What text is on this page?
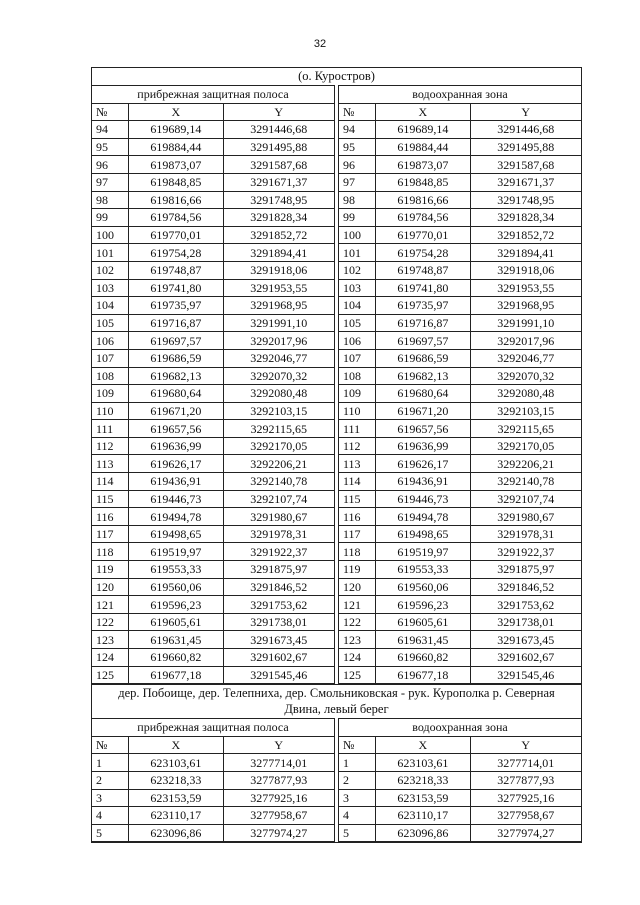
32
(о. Куростров)
прибрежная защитная полоса		
№	X	Y
94	619689,14	3291446,68
95	619884,44	3291495,88
96	619873,07	3291587,68
97	619848,85	3291671,37
98	619816,66	3291748,95
99	619784,56	3291828,34
100	619770,01	3291852,72
101	619754,28	3291894,41
102	619748,87	3291918,06
103	619741,80	3291953,55
104	619735,97	3291968,95
105	619716,87	3291991,10
106	619697,57	3292017,96
107	619686,59	3292046,77
108	619682,13	3292070,32
109	619680,64	3292080,48
110	619671,20	3292103,15
111	619657,56	3292115,65
112	619636,99	3292170,05
113	619626,17	3292206,21
114	619436,91	3292140,78
115	619446,73	3292107,74
116	619494,78	3291980,67
117	619498,65	3291978,31
118	619519,97	3291922,37
119	619553,33	3291875,97
120	619560,06	3291846,52
121	619596,23	3291753,62
122	619605,61	3291738,01
123	619631,45	3291673,45
124	619660,82	3291602,67
125	619677,18	3291545,46
водоохранная зона		
№	X	Y
94	619689,14	3291446,68
95	619884,44	3291495,88
96	619873,07	3291587,68
97	619848,85	3291671,37
98	619816,66	3291748,95
99	619784,56	3291828,34
100	619770,01	3291852,72
101	619754,28	3291894,41
102	619748,87	3291918,06
103	619741,80	3291953,55
104	619735,97	3291968,95
105	619716,87	3291991,10
106	619697,57	3292017,96
107	619686,59	3292046,77
108	619682,13	3292070,32
109	619680,64	3292080,48
110	619671,20	3292103,15
111	619657,56	3292115,65
112	619636,99	3292170,05
113	619626,17	3292206,21
114	619436,91	3292140,78
115	619446,73	3292107,74
116	619494,78	3291980,67
117	619498,65	3291978,31
118	619519,97	3291922,37
119	619553,33	3291875,97
120	619560,06	3291846,52
121	619596,23	3291753,62
122	619605,61	3291738,01
123	619631,45	3291673,45
124	619660,82	3291602,67
125	619677,18	3291545,46
дер. Побоище, дер. Телепниха, дер. Смольниковская - рук. Курополка р. Северная
Двина, левый берег
прибрежная защитная полоса		
№	X	Y
1	623103,61	3277714,01
2	623218,33	3277877,93
3	623153,59	3277925,16
4	623110,17	3277958,67
5	623096,86	3277974,27
водоохранная зона		
№	X	Y
1	623103,61	3277714,01
2	623218,33	3277877,93
3	623153,59	3277925,16
4	623110,17	3277958,67
5	623096,86	3277974,27
